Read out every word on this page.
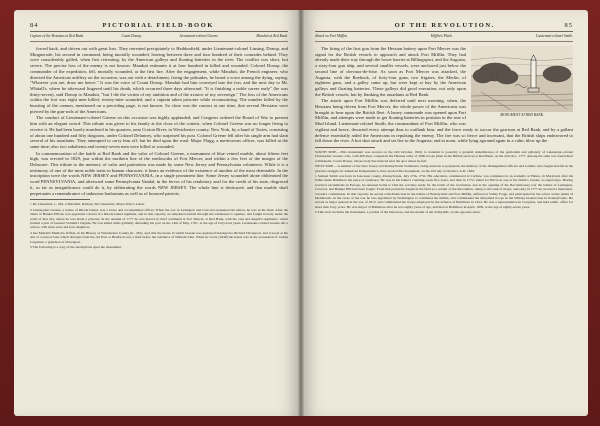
84	PICTORIAL FIELD-BOOK
Capture of the Hessians at Red Bank.	Count Donop.	Lieutenant-colonel Greene.	Mauduit at Red Bank.

forced back, and driven out with great loss. They retreated precipitately to Haddonfield, under Lieutenant-colonel Linsing, Donop, and Minguerode, his second in command, being mortally wounded, leaving between three and four hundred of their comrades behind. They were considerably galled, when first retreating, by the American galleys and floating batteries in the river. The conflict was short, but severe. The precise loss of the enemy is not known. Mauduit estimates it at four hundred in killed and wounded. Colonel Donop, the commander of the expedition, fell, mortally wounded, at the first fire. After the engagement, while Mauduit, the French engineer, who directed the American artillery on the occasion, was out with a detachment, fixing the palisades, he heard a voice among the dying, saying, "Whoever you are, draw me hence." It was the voice of Count Donop. Mauduit had him conveyed into the fort, and the next day to Mr. Whitall's, where he afterward lingered until his death, which occurred three days afterward. "It is finishing a noble career early" (he was thirty-seven), said Donop to Mauduit, "but I die the victim of my ambition and of the avarice of my sovereign." The loss of the Americans within the fort was eight men killed; twenty-nine wounded, and a captain taken prisoner while reconnoitring. The number killed by the bursting of the cannon, mentioned on a preceding page, is not known. So close was the contact at one time, that several Hessians were pierced by the gun-rods of the Americans.

The conduct of Lieutenant-colonel Greene on this occasion was highly applauded, and Congress ordered the Board of War to present him with an elegant sword. This tribute was given to his family at the close of the contest, when Colonel Greene was no longer living to receive it. He had been barely murdered in his quarters, near Croton River, in Westchester county, New York, by a band of Tories, consisting of about one hundred and fifty dragoons, under Colonel Delancey, who surprised his post. Colonel Greene fell after his single arm had slain several of his assailants. They attempted to carry him off, but he died upon the road. Major Flagg, a meritorious officer, was killed at the same time; also two subalterns and twenty-seven men were killed or wounded.

In commemoration of the battle at Red Bank and the valor of Colonel Greene, a monument of blue veined marble, about fifteen feet high, was erected in 1829, just within the northern line of the earthworks of Fort Mercer, and within a few feet of the margin of the Delaware. This tribute to the memory of valor and patriotism was made by some New Jersey and Pennsylvania volunteers. While it is a testimony of one of the most noble traits in human character, it bears an evidence of the existence of another of the most detestable. In the inscription were the words NEW JERSEY and PENNSYLVANIA, in a single prominent line. Some Jersey scoundrel alone obliterated the word PENNSYLVANIA, and afterward some Pennsylvania Vandal, in the fervor of his retaliatory zeal for the credit of his state, disgraced it, so far as insignificance could do it, by obliterating the words NEW JERSEY. The whole line is destroyed; and that marble shaft perpetuates a remembrance of unknown barbarians as well as of honored patriots.

1 De Chastellux, i., 264. 2 Marshall. Ramsay. De Chastellux. Major Waer's Letter.

3 Christopher Greene, a native of Rhode Island, was a brave and accomplished officer. When the war in Lexington and Concord awakened the nation, he was in the field. After the battle of Bunker Hill he was appointed colonel of a Rhode Island regiment, and in that capacity accompanied Arnold through the wilderness to Quebec, and fought bravely under the walls of that city, where he was made a prisoner. In the autumn of 1777 he was placed in chief command at Fort Mercer, at Red Bank, with his own and Angell's regiments, which formed a part of General Varnum's brigade. He was killed while gallantly defending his post on the 14th of May, 1781, at the age of forty-four years. Lieutenant-colonel Greene left a widow, with three sons and four daughters.

4 See Maudit's Memoirs. Rifton, in his History of Westchester County (ii., 281), says that the house in which Greene was quartered belonged to Richard Davenport, and it stood at the end of a narrow lane which diverges from the old Post or Bedford road, a mile below the residence of William Linn. When he wrote (1848) the house was in the possession of Joshua Carpenter, a grandson of Davenport.

5 The following is a copy of the inscriptions upon the monument.

OF THE REVOLUTION.	85
Attack on Fort Mifflin.	Mifflin's Pluck.	Lieutenant-colonel Smith.
MONUMENT AT RED BANK.

The firing of the first gun from the Hessian battery upon Fort Mercer was the signal for the British vessels to approach and attack Fort Mifflin. They had already made their way through the lower barrier at Billingsport, and the Augusta, a sixty-four gun ship, and several smaller vessels, were anchored just below the second line of chevaux-de-frise. As soon as Fort Mercer was attacked, the Augusta, with the Roebuck, of forty-four guns, two frigates, the Merlin, of eighteen guns, and a galley came up, but were kept at bay by the American galleys and floating batteries. These galleys did good execution, not only upon the British vessels, but by flanking the assailants at Red Bank.

The attack upon Fort Mifflin was deferred until next morning, when, the Hessians being driven from Fort Mercer, the whole power of the Americans was brought to bear upon the British fleet. A heavy cannonade was opened upon Fort Mifflin, and attempts were made to get floating batteries in position in the rear of Mud Island. Lieutenant-colonel Smith, the commandant of Fort Mifflin, who was vigilant and brave, thwarted every attempt thus to outflank him; and the force ready to succor the garrison at Red Bank, and by a gallant defence essentially aided the Americans in repulsing the enemy. The fire was so fierce and incessant, that the British ships endeavored to fall down the river. A hot shot struck and set fire to the Augusta; and at noon, while lying aground again in a calm, blew up the

SOUTH SIDE.—This monument was erected on the 22d October, 1829, to transmit to posterity a grateful remembrance of the patriotism and gallantry of Lieutenant-colonel Christopher Greene, who, with 400 men, conquered the Hessian army of 2000 troops (then in the British service) at Red Bank, on the 22d Oct., 1777. Among the slain was found their commander, Count Donop, whose body lies interred near the spot where he fell.

WEST SIDE.—A number of the New Jersey and Pennsylvania Volunteers, being desirous to perpetuate the memory of the distinguished officers and soldiers who fought and fell in the glorious struggle for American Independence, have erected this monument, on the 22d day of October, A.D. 1829.

1 Samuel Smith was born in Lancaster county, Pennsylvania, July 27th, 1752. His education, commenced at Carlisle, was completed at an academy at Elkton, in Maryland, after his father made Baltimore his place of residence. He was in his father's counting-room five years, and then in 1772, sailed for Havre in one of his father's vessels, as supercargo. Having received excitements in Europe, he returned home to find the colonies ready for the battle of the revolution, and at the opening of the Revolutionary war the battles of Lexington, Concord, and Bunker Hill had been fought. From that period he fought in the field as a soldier of the Revolution, rising to the rank of major, and early in 1777 he received a lieutenant-colonel's commission. In that capacity he served with distinction in the battles of Brandywine and Fort Mifflin, suffered at Valley Forge, and participated in the action on the plains of Monmouth. At the close of the war he was appointed by Washington to command the militia, and commanded the Maryland troops in the Whisky Insurrection in Pennsylvania. He served as major general in the war of 1812, and commanded the troops employed in the defence of Baltimore in 1814. He was a representative in Congress, and held public office for more than forty years. He was mayor of Baltimore after he was eighty years of age, and died at Baltimore in April, 1839, at the age of eighty-seven years.

2 This view includes the monument, a portion of the Delaware, and the mouth of the Schuylkill, on the opposite shore.
